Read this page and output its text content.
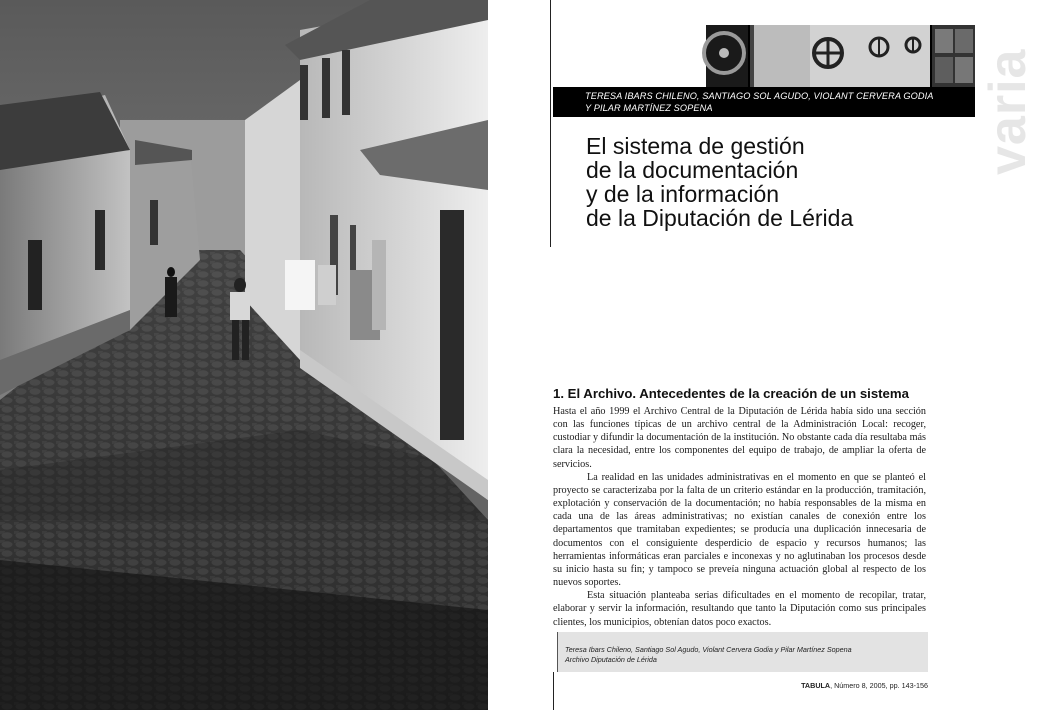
varia
TERESA IBARS CHILENO, SANTIAGO SOL AGUDO, VIOLANT CERVERA GODIA
Y PILAR MARTÍNEZ SOPENA
El sistema de gestión
de la documentación
y de la información
de la Diputación de Lérida
1. El Archivo. Antecedentes de la creación de un sistema

Hasta el año 1999 el Archivo Central de la Diputación de Lérida había sido una sección con las funciones típicas de un archivo central de la Administración Local: recoger, custodiar y difundir la documentación de la institución. No obstante cada día resultaba más clara la necesidad, entre los componentes del equipo de trabajo, de ampliar la oferta de servicios.

La realidad en las unidades administrativas en el momento en que se planteó el proyecto se caracterizaba por la falta de un criterio estándar en la producción, tramitación, explotación y conservación de la documentación; no había responsables de la misma en cada una de las áreas administrativas; no existían canales de conexión entre los departamentos que tramitaban expedientes; se producía una duplicación innecesaria de documentos con el consiguiente desperdicio de espacio y recursos humanos; las herramientas informáticas eran parciales e inconexas y no aglutinaban los procesos desde su inicio hasta su fin; y tampoco se preveía ninguna actuación global al respecto de los nuevos soportes.

Esta situación planteaba serias dificultades en el momento de recopilar, tratar, elaborar y servir la información, resultando que tanto la Diputación como sus principales clientes, los municipios, obtenían datos poco exactos.

Teresa Ibars Chileno, Santiago Sol Agudo, Violant Cervera Godia y Pilar Martínez Sopena
Archivo Diputación de Lérida
TABULA, Número 8, 2005, pp. 143-156
